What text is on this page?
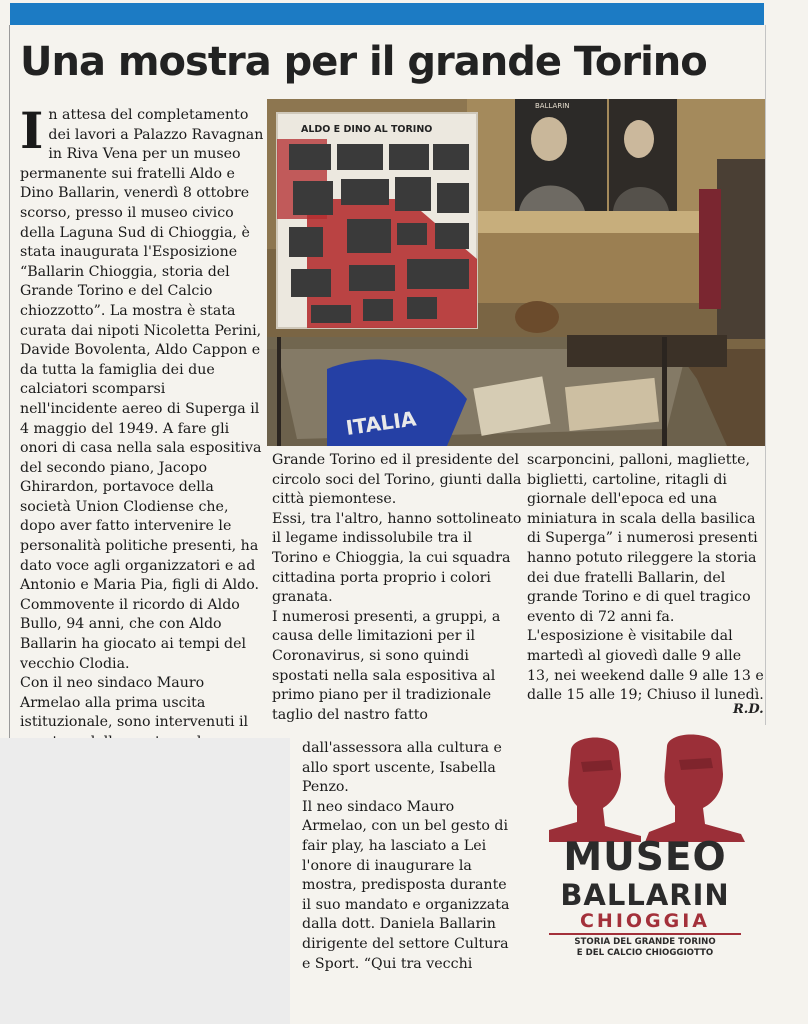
Una mostra per il grande Torino

In attesa del completamento dei lavori a Palazzo Ravagnan in Riva Vena per un museo permanente sui fratelli Aldo e Dino Ballarin, venerdì 8 ottobre scorso, presso il museo civico della Laguna Sud di Chioggia, è stata inaugurata l'Esposizione “Ballarin Chioggia, storia del Grande Torino e del Calcio chiozzotto”. La mostra è stata curata dai nipoti Nicoletta Perini, Davide Bovolenta, Aldo Cappon e da tutta la famiglia dei due calciatori scomparsi nell'incidente aereo di Superga il 4 maggio del 1949. A fare gli onori di casa nella sala espositiva del secondo piano, Jacopo Ghirardon, portavoce della società Union Clodiense che, dopo aver fatto intervenire le personalità politiche presenti, ha dato voce agli organizzatori e ad Antonio e Maria Pia, figli di Aldo. Commovente il ricordo di Aldo Bullo, 94 anni, che con Aldo Ballarin ha giocato ai tempi del vecchio Clodia.

Con il neo sindaco Mauro Armelao alla prima uscita istituzionale, sono intervenuti il

BALLARIN
ALDO E DINO AL TORINO
ITALIA

Grande Torino ed il presidente del circolo soci del Torino, giunti dalla città piemontese.

Essi, tra l'altro, hanno sottolineato il legame indissolubile tra il Torino e Chioggia, la cui squadra cittadina porta proprio i colori granata.

I numerosi presenti, a gruppi, a causa delle limitazioni per il Coronavirus, si sono quindi spostati nella sala espositiva al primo piano per il tradizionale taglio del nastro fatto

dall'assessora alla cultura e allo sport uscente, Isabella Penzo.

Il neo sindaco Mauro Armelao, con un bel gesto di fair play, ha lasciato a Lei l'onore di inaugurare la mostra, predisposta durante il suo mandato e organizzata dalla dott. Daniela Ballarin dirigente del settore Cultura e Sport. “Qui tra vecchi

scarponcini, palloni, magliette, biglietti, cartoline, ritagli di giornale dell'epoca ed una miniatura in scala della basilica di Superga” i numerosi presenti hanno potuto rileggere la storia dei due fratelli Ballarin, del grande Torino e di quel tragico evento di 72 anni fa.

L'esposizione è visitabile dal martedì al giovedì dalle 9 alle 13, nei weekend dalle 9 alle 13 e dalle 15 alle 19; Chiuso il lunedì.

R.D.
MUSEO
BALLARIN
CHIOGGIA
STORIA DEL GRANDE TORINO
E DEL CALCIO CHIOGGIOTTO
